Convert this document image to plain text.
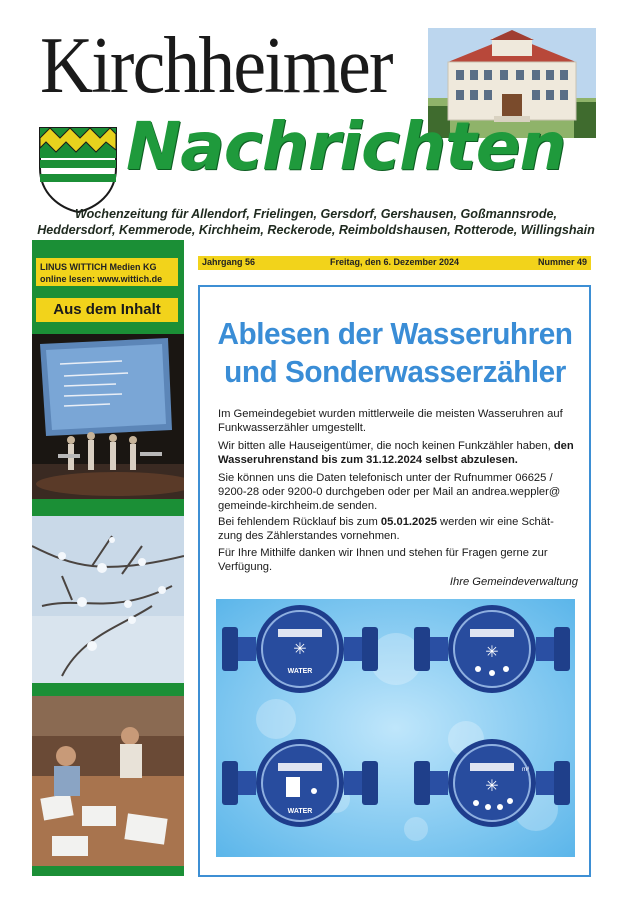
Kirchheimer
Nachrichten
Wochenzeitung für Allendorf, Frielingen, Gersdorf, Gershausen, Goßmannsrode, Heddersdorf, Kemmerode, Kirchheim, Reckerode, Reimboldshausen, Rotterode, Willingshain
LINUS WITTICH Medien KG
online lesen: www.wittich.de
Aus dem Inhalt
Jahrgang 56	Freitag, den 6. Dezember 2024	Nummer 49
Ablesen der Wasseruhren
und Sonderwasserzähler
Im Gemeindegebiet wurden mittlerweile die meisten Wasseruhren auf Funkwasserzähler umgestellt.
Wir bitten alle Hauseigentümer, die noch keinen Funkzähler haben, den Wasseruhrenstand bis zum 31.12.2024 selbst abzulesen.
Sie können uns die Daten telefonisch unter der Rufnummer 06625 / 9200-28 oder 9200-0 durchgeben oder per Mail an andrea.weppler@ gemeinde-kirchheim.de senden.
Bei fehlendem Rücklauf bis zum 05.01.2025 werden wir eine Schät- zung des Zählerstandes vornehmen.
Für Ihre Mithilfe danken wir Ihnen und stehen für Fragen gerne zur Verfügung.
Ihre Gemeindeverwaltung
✳
WATER
✳
WATER
m³
✳
